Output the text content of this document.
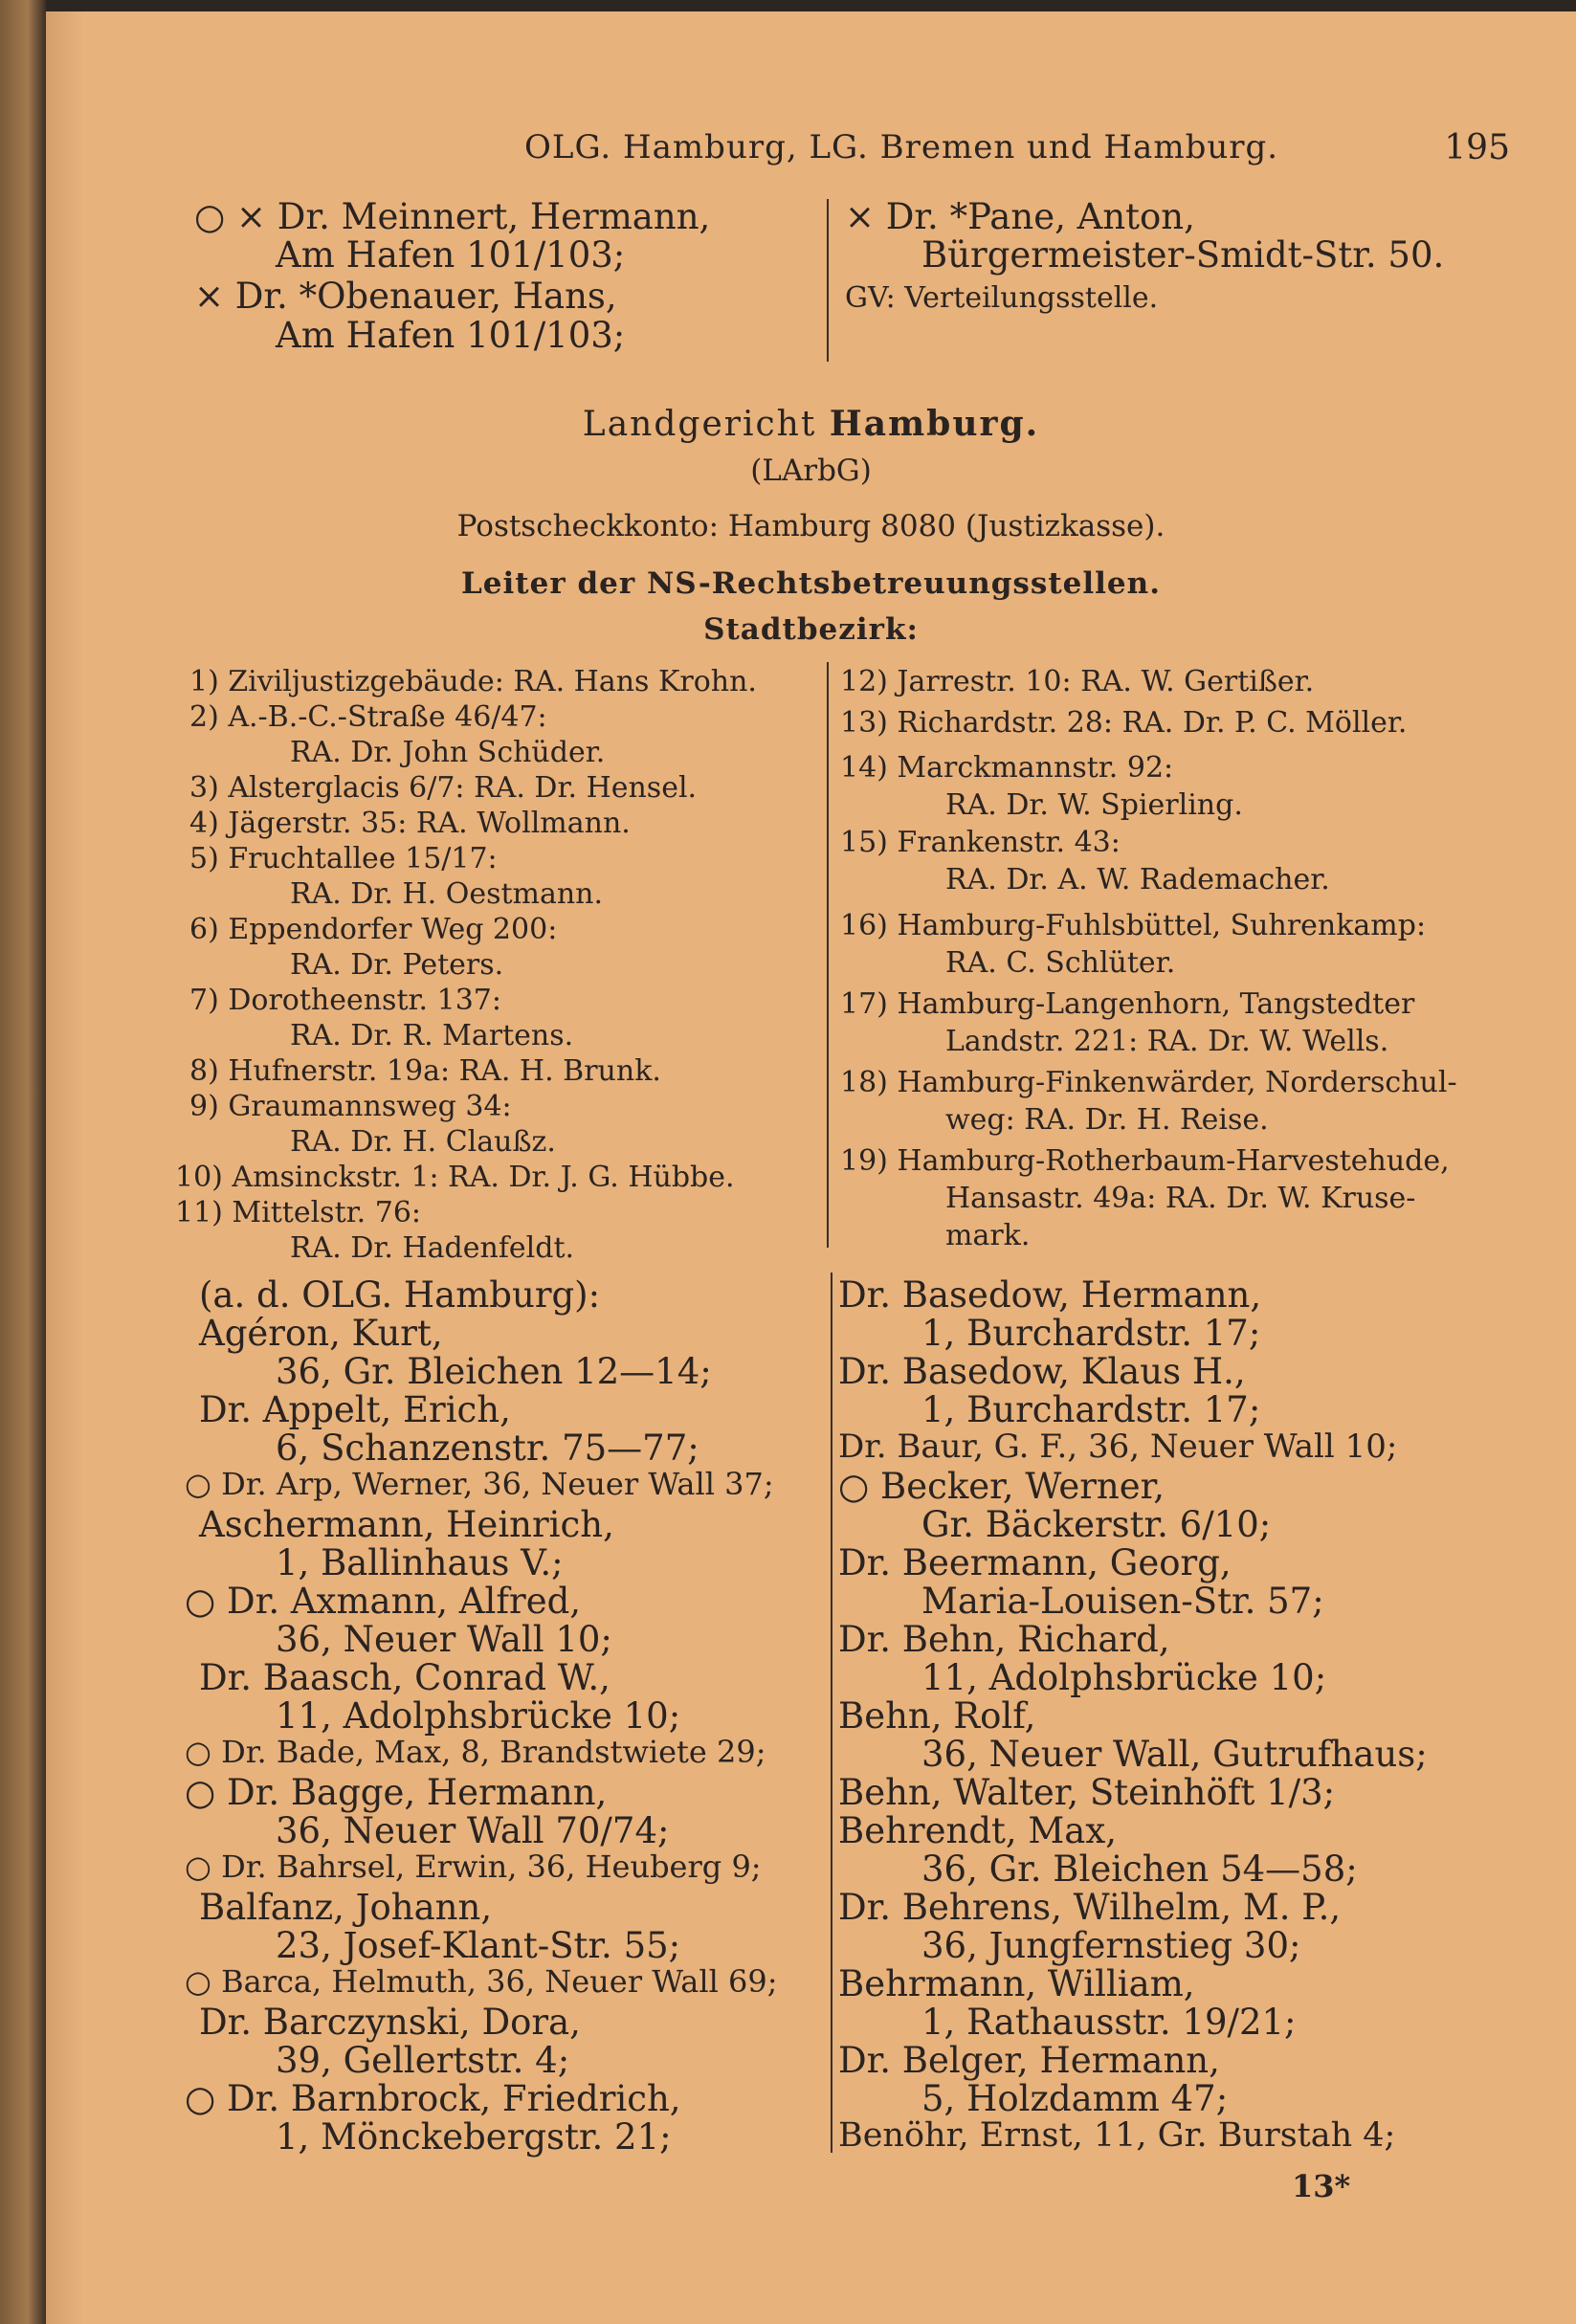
OLG. Hamburg, LG. Bremen und Hamburg.	195
○ × Dr. Meinnert, Hermann,
Am Hafen 101/103;
× Dr. *Obenauer, Hans,
Am Hafen 101/103;
× Dr. *Pane, Anton,
Bürgermeister-Smidt-Str. 50.
GV: Verteilungsstelle.
Landgericht Hamburg.
(LArbG)
Postscheckkonto: Hamburg 8080 (Justizkasse).
Leiter der NS-Rechtsbetreuungsstellen.
Stadtbezirk:
1) Ziviljustizgebäude: RA. Hans Krohn.
2) A.-B.-C.-Straße 46/47:
RA. Dr. John Schüder.
3) Alsterglacis 6/7: RA. Dr. Hensel.
4) Jägerstr. 35: RA. Wollmann.
5) Fruchtallee 15/17:
RA. Dr. H. Oestmann.
6) Eppendorfer Weg 200:
RA. Dr. Peters.
7) Dorotheenstr. 137:
RA. Dr. R. Martens.
8) Hufnerstr. 19a: RA. H. Brunk.
9) Graumannsweg 34:
RA. Dr. H. Claußz.
10) Amsinckstr. 1: RA. Dr. J. G. Hübbe.
11) Mittelstr. 76:
RA. Dr. Hadenfeldt.
12) Jarrestr. 10: RA. W. Gertißer.
13) Richardstr. 28: RA. Dr. P. C. Möller.
14) Marckmannstr. 92:
RA. Dr. W. Spierling.
15) Frankenstr. 43:
RA. Dr. A. W. Rademacher.
16) Hamburg-Fuhlsbüttel, Suhrenkamp:
RA. C. Schlüter.
17) Hamburg-Langenhorn, Tangstedter
Landstr. 221: RA. Dr. W. Wells.
18) Hamburg-Finkenwärder, Norderschul-
weg: RA. Dr. H. Reise.
19) Hamburg-Rotherbaum-Harvestehude,
Hansastr. 49a: RA. Dr. W. Kruse-
mark.
(a. d. OLG. Hamburg):
Agéron, Kurt,
36, Gr. Bleichen 12—14;
Dr. Appelt, Erich,
6, Schanzenstr. 75—77;
○ Dr. Arp, Werner, 36, Neuer Wall 37;
Aschermann, Heinrich,
1, Ballinhaus V.;
○ Dr. Axmann, Alfred,
36, Neuer Wall 10;
Dr. Baasch, Conrad W.,
11, Adolphsbrücke 10;
○ Dr. Bade, Max, 8, Brandstwiete 29;
○ Dr. Bagge, Hermann,
36, Neuer Wall 70/74;
○ Dr. Bahrsel, Erwin, 36, Heuberg 9;
Balfanz, Johann,
23, Josef-Klant-Str. 55;
○ Barca, Helmuth, 36, Neuer Wall 69;
Dr. Barczynski, Dora,
39, Gellertstr. 4;
○ Dr. Barnbrock, Friedrich,
1, Mönckebergstr. 21;
Dr. Basedow, Hermann,
1, Burchardstr. 17;
Dr. Basedow, Klaus H.,
1, Burchardstr. 17;
Dr. Baur, G. F., 36, Neuer Wall 10;
○ Becker, Werner,
Gr. Bäckerstr. 6/10;
Dr. Beermann, Georg,
Maria-Louisen-Str. 57;
Dr. Behn, Richard,
11, Adolphsbrücke 10;
Behn, Rolf,
36, Neuer Wall, Gutrufhaus;
Behn, Walter, Steinhöft 1/3;
Behrendt, Max,
36, Gr. Bleichen 54—58;
Dr. Behrens, Wilhelm, M. P.,
36, Jungfernstieg 30;
Behrmann, William,
1, Rathausstr. 19/21;
Dr. Belger, Hermann,
5, Holzdamm 47;
Benöhr, Ernst, 11, Gr. Burstah 4;
13*
